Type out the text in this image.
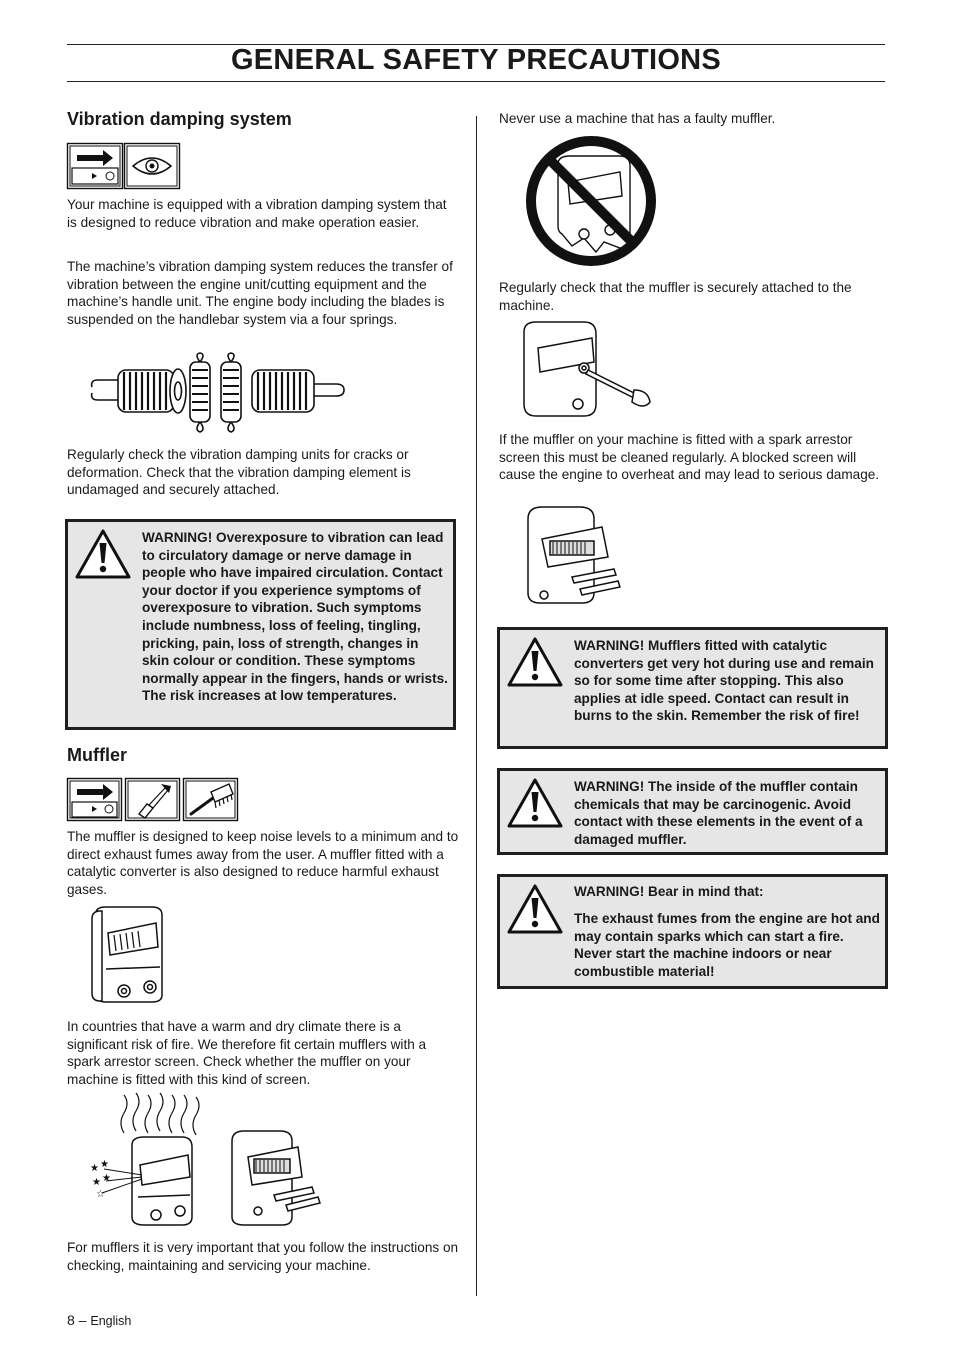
GENERAL SAFETY PRECAUTIONS
Vibration damping system
Your machine is equipped with a vibration damping system that is designed to reduce vibration and make operation easier.
The machine’s vibration damping system reduces the transfer of vibration between the engine unit/cutting equipment and the machine’s handle unit. The engine body including the blades is suspended on the handlebar system via a four springs.
Regularly check the vibration damping units for cracks or deformation. Check that the vibration damping element is undamaged and securely attached.
WARNING! Overexposure to vibration can lead to circulatory damage or nerve damage in people who have impaired circulation. Contact your doctor if you experience symptoms of overexposure to vibration. Such symptoms include numbness, loss of feeling, tingling, pricking, pain, loss of strength, changes in skin colour or condition. These symptoms normally appear in the fingers, hands or wrists. The risk increases at low temperatures.
Muffler
The muffler is designed to keep noise levels to a minimum and to direct exhaust fumes away from the user. A muffler fitted with a catalytic converter is also designed to reduce harmful exhaust gases.
In countries that have a warm and dry climate there is a significant risk of fire. We therefore fit certain mufflers with a spark arrestor screen. Check whether the muffler on your machine is fitted with this kind of screen.
★ ★
★ ★
☆
For mufflers it is very important that you follow the instructions on checking, maintaining and servicing your machine.
Never use a machine that has a faulty muffler.
Regularly check that the muffler is securely attached to the machine.
If the muffler on your machine is fitted with a spark arrestor screen this must be cleaned regularly. A blocked screen will cause the engine to overheat and may lead to serious damage.
WARNING! Mufflers fitted with catalytic converters get very hot during use and remain so for some time after stopping. This also applies at idle speed. Contact can result in burns to the skin. Remember the risk of fire!
WARNING! The inside of the muffler contain chemicals that may be carcinogenic. Avoid contact with these elements in the event of a damaged muffler.
WARNING! Bear in mind that:
The exhaust fumes from the engine are hot and may contain sparks which can start a fire. Never start the machine indoors or near combustible material!
8 – English
